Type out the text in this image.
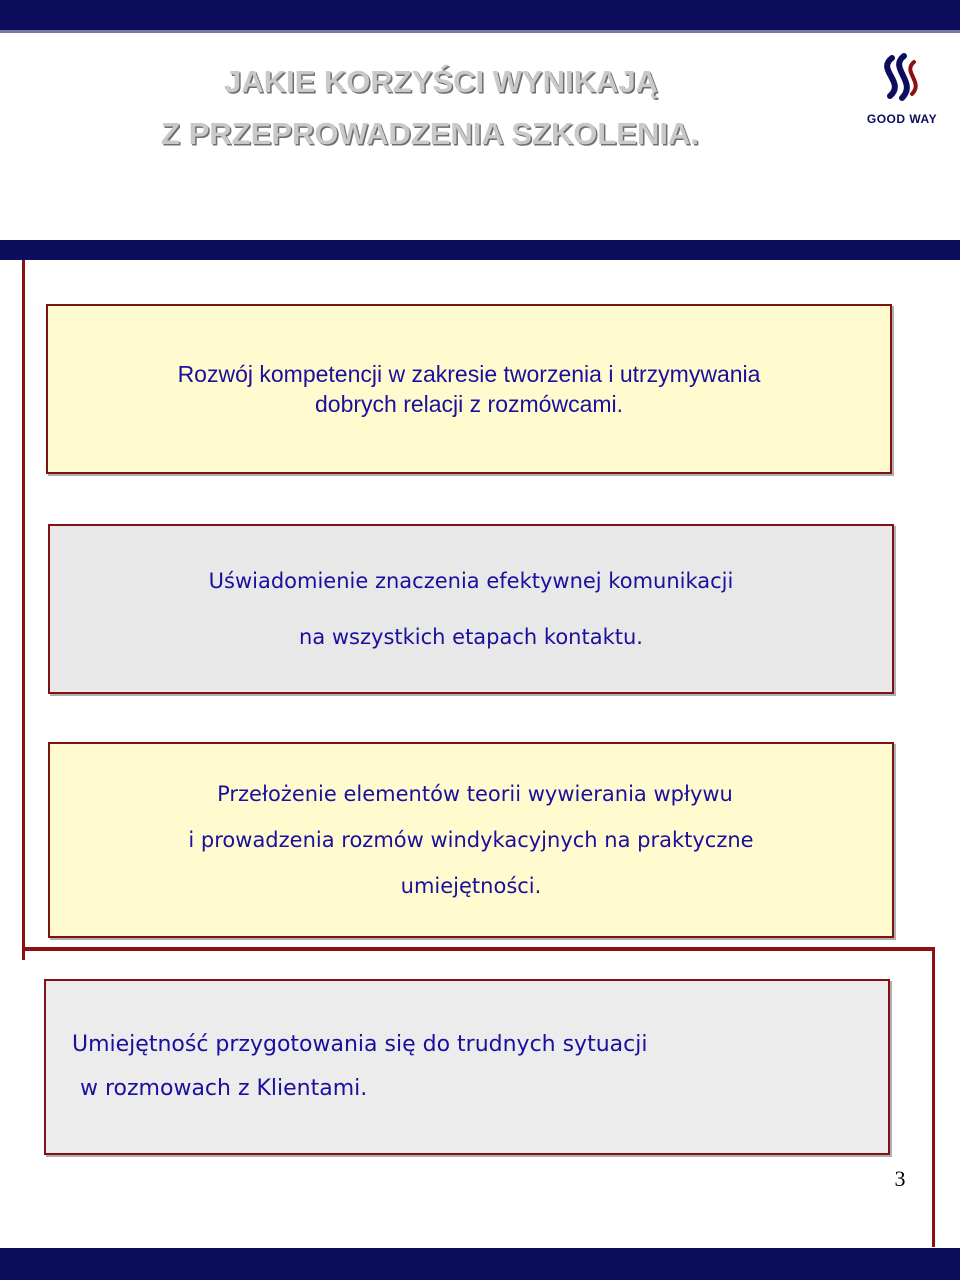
JAKIE KORZYŚCI WYNIKAJĄ
Z PRZEPROWADZENIA SZKOLENIA.	GOOD WAY
Rozwój kompetencji w zakresie tworzenia i utrzymywania
dobrych relacji z rozmówcami.
Uświadomienie znaczenia efektywnej komunikacji
na wszystkich etapach kontaktu.
Przełożenie elementów teorii wywierania wpływu
i prowadzenia rozmów windykacyjnych na praktyczne
umiejętności.
Umiejętność przygotowania się do trudnych sytuacji
w rozmowach z Klientami.
3
